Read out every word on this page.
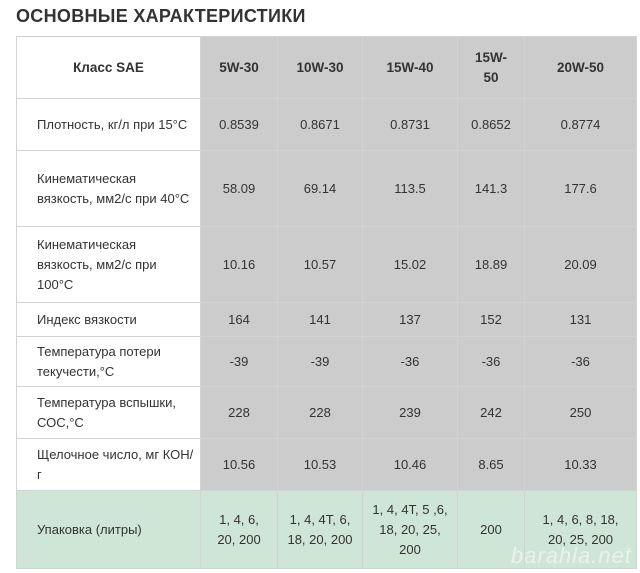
ОСНОВНЫЕ ХАРАКТЕРИСТИКИ
Класс SAE	5W-30	10W-30	15W-40	15W-50	20W-50
Плотность, кг/л при 15°С	0.8539	0.8671	0.8731	0.8652	0.8774
Кинематическая вязкость, мм2/с при 40°С	58.09	69.14	113.5	141.3	177.6
Кинематическая вязкость, мм2/с при 100°С	10.16	10.57	15.02	18.89	20.09
Индекс вязкости	164	141	137	152	131
Температура потери текучести,°С	-39	-39	-36	-36	-36
Температура вспышки, СОС,°С	228	228	239	242	250
Щелочное число, мг КОН/г	10.56	10.53	10.46	8.65	10.33
Упаковка (литры)	1, 4, 6, 20, 200	1, 4, 4Т, 6, 18, 20, 200	1, 4, 4Т, 5 ,6, 18, 20, 25, 200	200	1, 4, 6, 8, 18, 20, 25, 200
barahla.net
